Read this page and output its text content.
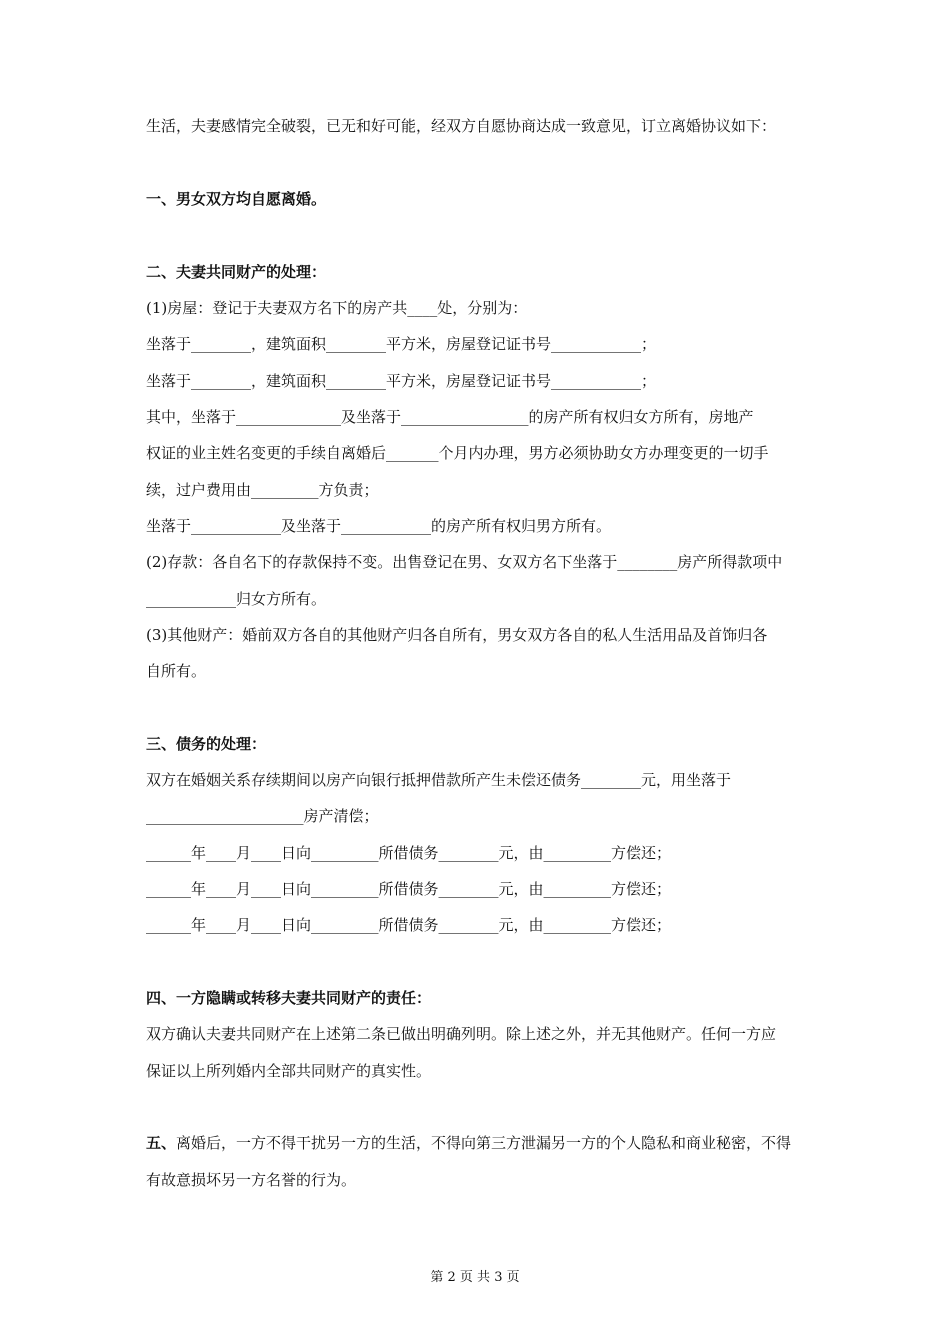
生活，夫妻感情完全破裂，已无和好可能，经双方自愿协商达成一致意见，订立离婚协议如下：
一、男女双方均自愿离婚。
二、夫妻共同财产的处理：
(1)房屋：登记于夫妻双方名下的房产共____处，分别为：
坐落于________，建筑面积________平方米，房屋登记证书号____________；
坐落于________，建筑面积________平方米，房屋登记证书号____________；
其中，坐落于______________及坐落于_________________的房产所有权归女方所有，房地产
权证的业主姓名变更的手续自离婚后_______个月内办理，男方必须协助女方办理变更的一切手
续，过户费用由_________方负责；
坐落于____________及坐落于____________的房产所有权归男方所有。
(2)存款：各自名下的存款保持不变。出售登记在男、女双方名下坐落于________房产所得款项中
____________归女方所有。
(3)其他财产：婚前双方各自的其他财产归各自所有，男女双方各自的私人生活用品及首饰归各
自所有。
三、债务的处理：
双方在婚姻关系存续期间以房产向银行抵押借款所产生未偿还债务________元，用坐落于
_____________________房产清偿；
______年____月____日向_________所借债务________元，由_________方偿还；
______年____月____日向_________所借债务________元，由_________方偿还；
______年____月____日向_________所借债务________元，由_________方偿还；
四、一方隐瞒或转移夫妻共同财产的责任：
双方确认夫妻共同财产在上述第二条已做出明确列明。除上述之外，并无其他财产。任何一方应
保证以上所列婚内全部共同财产的真实性。
五、离婚后，一方不得干扰另一方的生活，不得向第三方泄漏另一方的个人隐私和商业秘密，不得
有故意损坏另一方名誉的行为。
第 2 页 共 3 页
